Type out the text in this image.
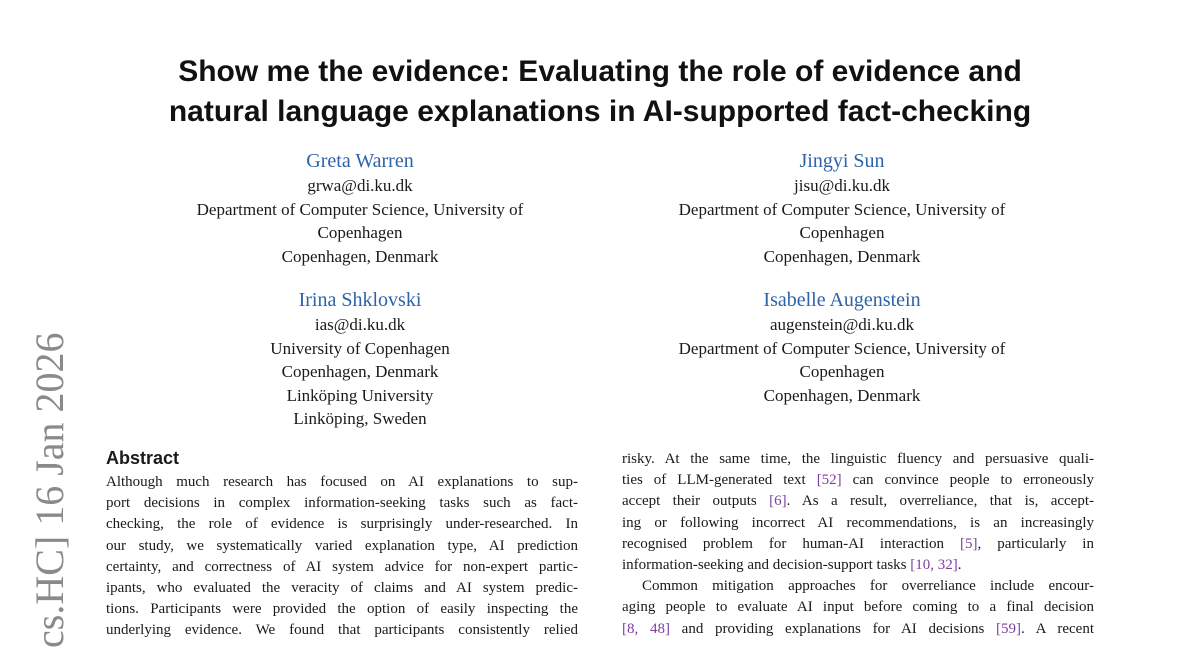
Show me the evidence: Evaluating the role of evidence and
natural language explanations in AI-supported fact-checking
Greta Warren
grwa@di.ku.dk
Department of Computer Science, University of
Copenhagen
Copenhagen, Denmark
Jingyi Sun
jisu@di.ku.dk
Department of Computer Science, University of
Copenhagen
Copenhagen, Denmark
Irina Shklovski
ias@di.ku.dk
University of Copenhagen
Copenhagen, Denmark
Linköping University
Linköping, Sweden
Isabelle Augenstein
augenstein@di.ku.dk
Department of Computer Science, University of
Copenhagen
Copenhagen, Denmark
cs.HC] 16 Jan 2026 Abstract
Although much research has focused on AI explanations to sup-
port decisions in complex information-seeking tasks such as fact-
checking, the role of evidence is surprisingly under-researched. In
our study, we systematically varied explanation type, AI prediction
certainty, and correctness of AI system advice for non-expert partic-
ipants, who evaluated the veracity of claims and AI system predic-
tions. Participants were provided the option of easily inspecting the
underlying evidence. We found that participants consistently relied
risky. At the same time, the linguistic fluency and persuasive quali-
ties of LLM-generated text [52] can convince people to erroneously
accept their outputs [6]. As a result, overreliance, that is, accept-
ing or following incorrect AI recommendations, is an increasingly
recognised problem for human-AI interaction [5], particularly in
information-seeking and decision-support tasks [10, 32].
Common mitigation approaches for overreliance include encour-
aging people to evaluate AI input before coming to a final decision
[8, 48] and providing explanations for AI decisions [59]. A recent
